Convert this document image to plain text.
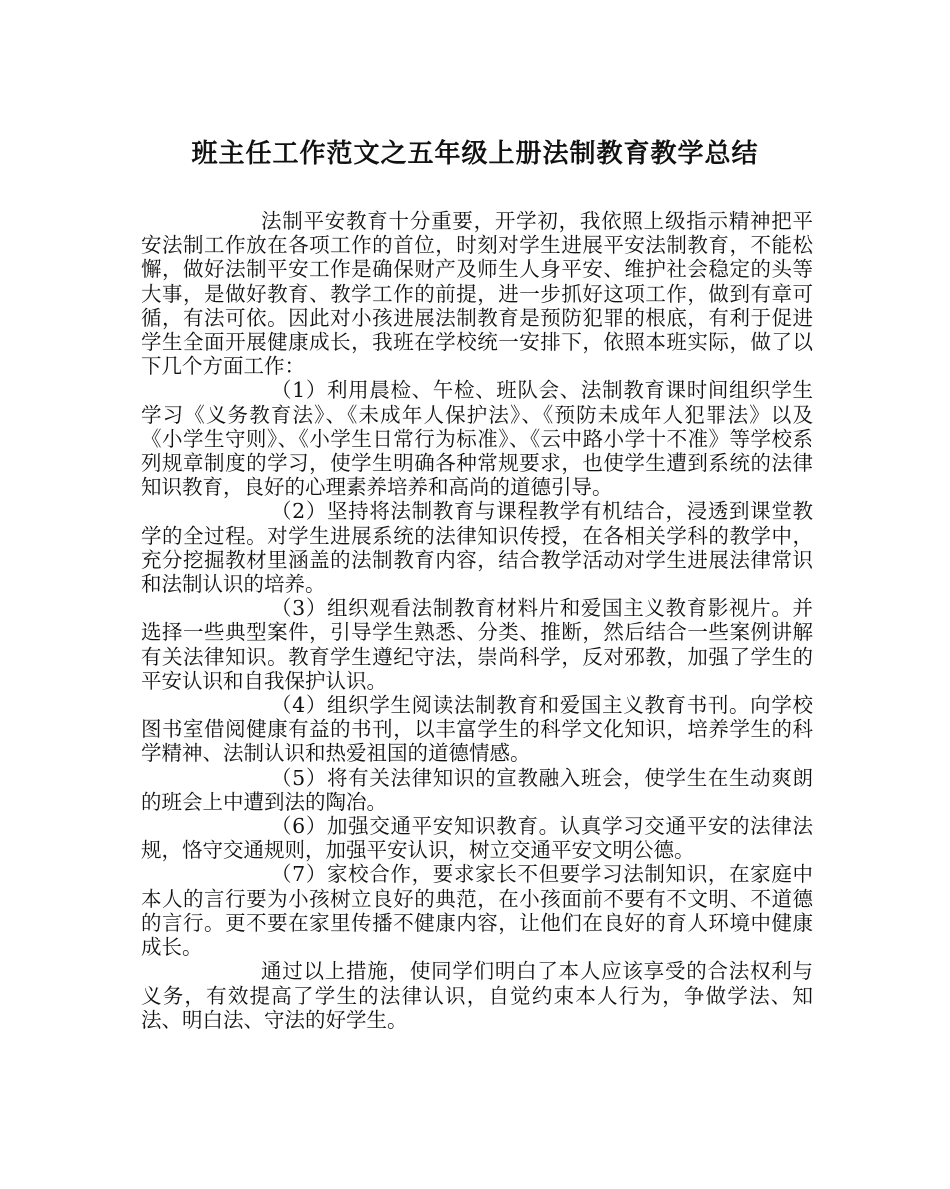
班主任工作范文之五年级上册法制教育教学总结

法制平安教育十分重要，开学初，我依照上级指示精神把平安法制工作放在各项工作的首位，时刻对学生进展平安法制教育，不能松懈，做好法制平安工作是确保财产及师生人身平安、维护社会稳定的头等大事，是做好教育、教学工作的前提，进一步抓好这项工作，做到有章可循，有法可依。因此对小孩进展法制教育是预防犯罪的根底，有利于促进学生全面开展健康成长，我班在学校统一安排下，依照本班实际，做了以下几个方面工作：

（1）利用晨检、午检、班队会、法制教育课时间组织学生学习《义务教育法》、《未成年人保护法》、《预防未成年人犯罪法》以及《小学生守则》、《小学生日常行为标准》、《云中路小学十不准》等学校系列规章制度的学习，使学生明确各种常规要求，也使学生遭到系统的法律知识教育，良好的心理素养培养和高尚的道德引导。

（2）坚持将法制教育与课程教学有机结合，浸透到课堂教学的全过程。对学生进展系统的法律知识传授，在各相关学科的教学中，充分挖掘教材里涵盖的法制教育内容，结合教学活动对学生进展法律常识和法制认识的培养。

（3）组织观看法制教育材料片和爱国主义教育影视片。并选择一些典型案件，引导学生熟悉、分类、推断，然后结合一些案例讲解有关法律知识。教育学生遵纪守法，崇尚科学，反对邪教，加强了学生的平安认识和自我保护认识。

（4）组织学生阅读法制教育和爱国主义教育书刊。向学校图书室借阅健康有益的书刊，以丰富学生的科学文化知识，培养学生的科学精神、法制认识和热爱祖国的道德情感。

（5）将有关法律知识的宣教融入班会，使学生在生动爽朗的班会上中遭到法的陶冶。

（6）加强交通平安知识教育。认真学习交通平安的法律法规，恪守交通规则，加强平安认识，树立交通平安文明公德。

（7）家校合作，要求家长不但要学习法制知识，在家庭中本人的言行要为小孩树立良好的典范，在小孩面前不要有不文明、不道德的言行。更不要在家里传播不健康内容，让他们在良好的育人环境中健康成长。

通过以上措施，使同学们明白了本人应该享受的合法权利与义务，有效提高了学生的法律认识，自觉约束本人行为，争做学法、知法、明白法、守法的好学生。
